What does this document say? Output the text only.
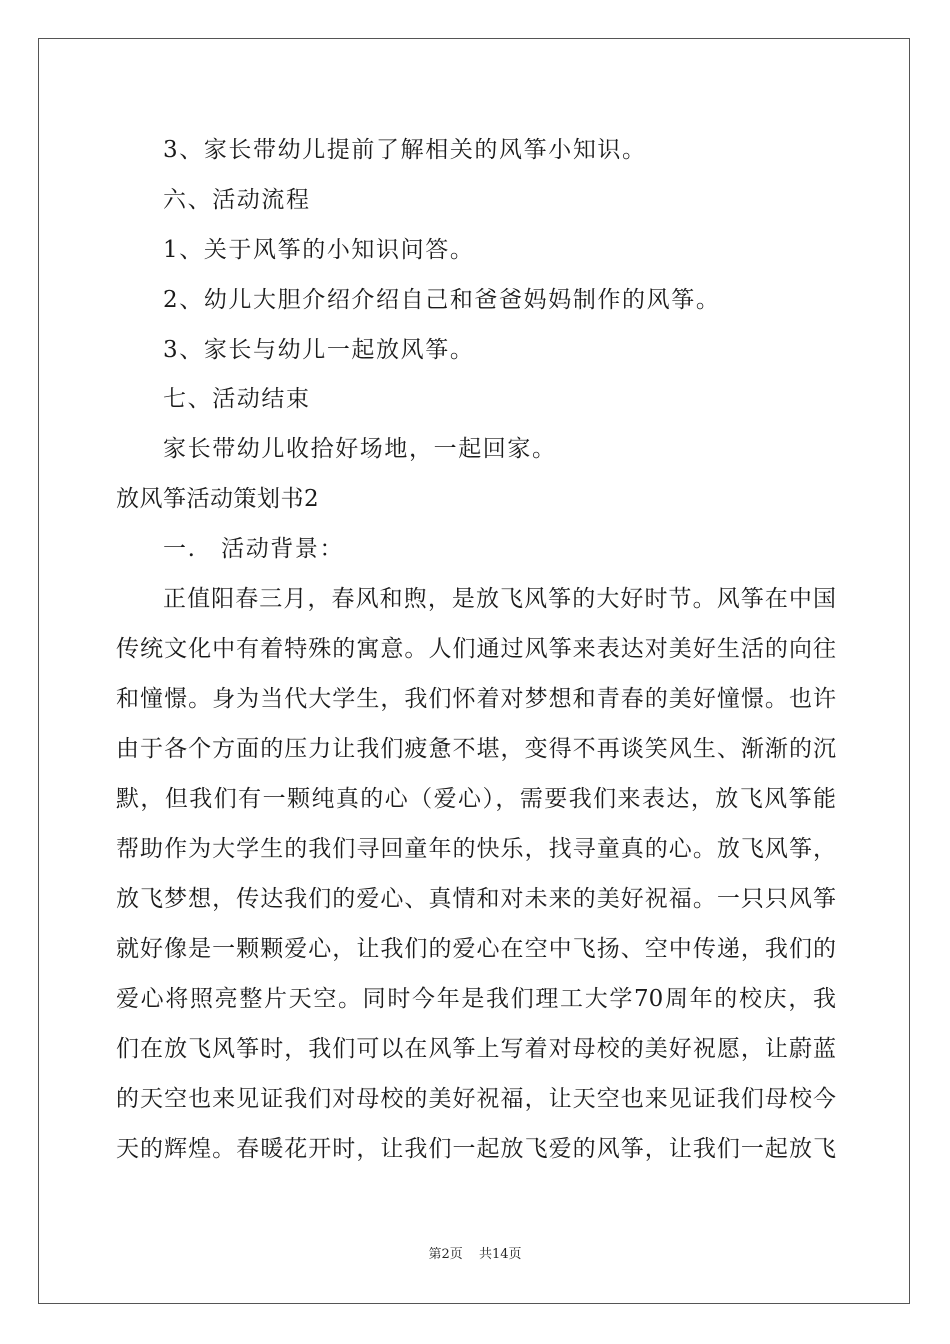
3、家长带幼儿提前了解相关的风筝小知识。
六、活动流程
1、关于风筝的小知识问答。
2、幼儿大胆介绍介绍自己和爸爸妈妈制作的风筝。
3、家长与幼儿一起放风筝。
七、活动结束
家长带幼儿收拾好场地，一起回家。
放风筝活动策划书2
一.　活动背景：
正值阳春三月，春风和煦，是放飞风筝的大好时节。风筝在中国
传统文化中有着特殊的寓意。人们通过风筝来表达对美好生活的向往
和憧憬。身为当代大学生，我们怀着对梦想和青春的美好憧憬。也许
由于各个方面的压力让我们疲惫不堪，变得不再谈笑风生、渐渐的沉
默，但我们有一颗纯真的心（爱心），需要我们来表达，放飞风筝能
帮助作为大学生的我们寻回童年的快乐，找寻童真的心。放飞风筝，
放飞梦想，传达我们的爱心、真情和对未来的美好祝福。一只只风筝
就好像是一颗颗爱心，让我们的爱心在空中飞扬、空中传递，我们的
爱心将照亮整片天空。同时今年是我们理工大学70周年的校庆，我
们在放飞风筝时，我们可以在风筝上写着对母校的美好祝愿，让蔚蓝
的天空也来见证我们对母校的美好祝福，让天空也来见证我们母校今
天的辉煌。春暖花开时，让我们一起放飞爱的风筝，让我们一起放飞
第2页 共14页
